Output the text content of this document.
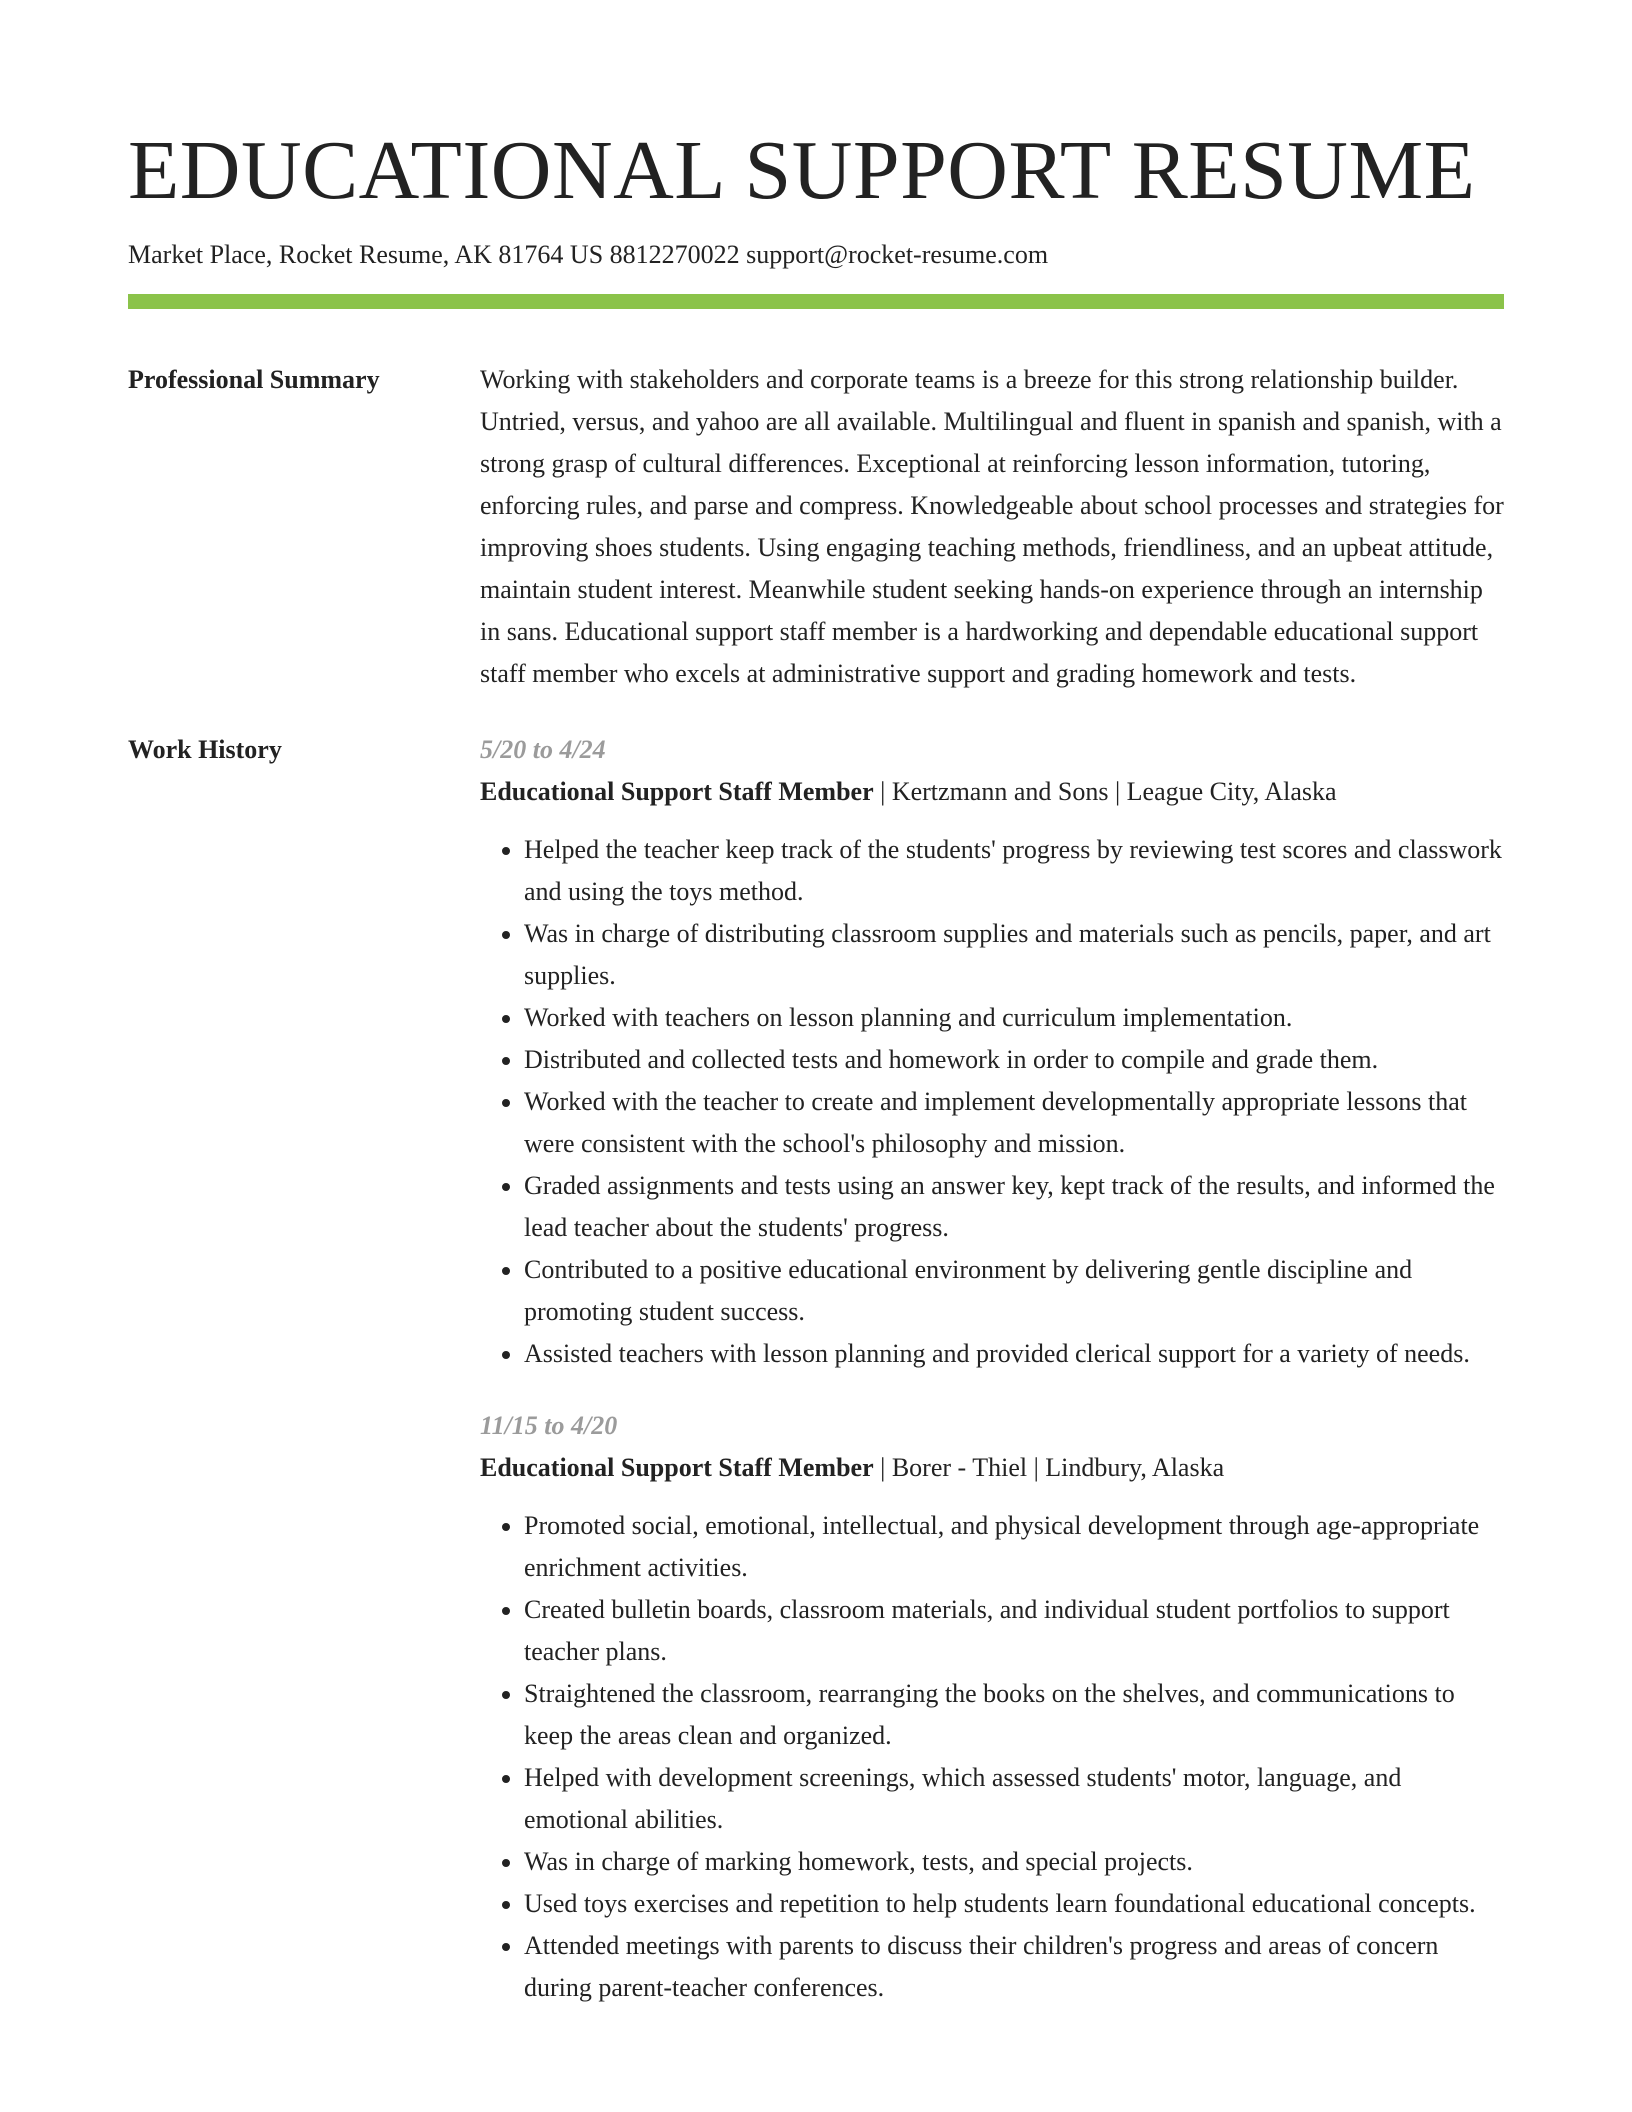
EDUCATIONAL SUPPORT RESUME
Market Place, Rocket Resume, AK 81764 US 8812270022 support@rocket-resume.com
Professional Summary	Working with stakeholders and corporate teams is a breeze for this strong relationship builder. Untried, versus, and yahoo are all available. Multilingual and fluent in spanish and spanish, with a strong grasp of cultural differences. Exceptional at reinforcing lesson information, tutoring, enforcing rules, and parse and compress. Knowledgeable about school processes and strategies for improving shoes students. Using engaging teaching methods, friendliness, and an upbeat attitude, maintain student interest. Meanwhile student seeking hands-on experience through an internship in sans. Educational support staff member is a hardworking and dependable educational support staff member who excels at administrative support and grading homework and tests.

Work History	5/20 to 4/24
Educational Support Staff Member | Kertzmann and Sons | League City, Alaska
• Helped the teacher keep track of the students' progress by reviewing test scores and classwork and using the toys method.
• Was in charge of distributing classroom supplies and materials such as pencils, paper, and art supplies.
• Worked with teachers on lesson planning and curriculum implementation.
• Distributed and collected tests and homework in order to compile and grade them.
• Worked with the teacher to create and implement developmentally appropriate lessons that were consistent with the school's philosophy and mission.
• Graded assignments and tests using an answer key, kept track of the results, and informed the lead teacher about the students' progress.
• Contributed to a positive educational environment by delivering gentle discipline and promoting student success.
• Assisted teachers with lesson planning and provided clerical support for a variety of needs.
11/15 to 4/20
Educational Support Staff Member | Borer - Thiel | Lindbury, Alaska
• Promoted social, emotional, intellectual, and physical development through age-appropriate enrichment activities.
• Created bulletin boards, classroom materials, and individual student portfolios to support teacher plans.
• Straightened the classroom, rearranging the books on the shelves, and communications to keep the areas clean and organized.
• Helped with development screenings, which assessed students' motor, language, and emotional abilities.
• Was in charge of marking homework, tests, and special projects.
• Used toys exercises and repetition to help students learn foundational educational concepts.
• Attended meetings with parents to discuss their children's progress and areas of concern during parent-teacher conferences.
